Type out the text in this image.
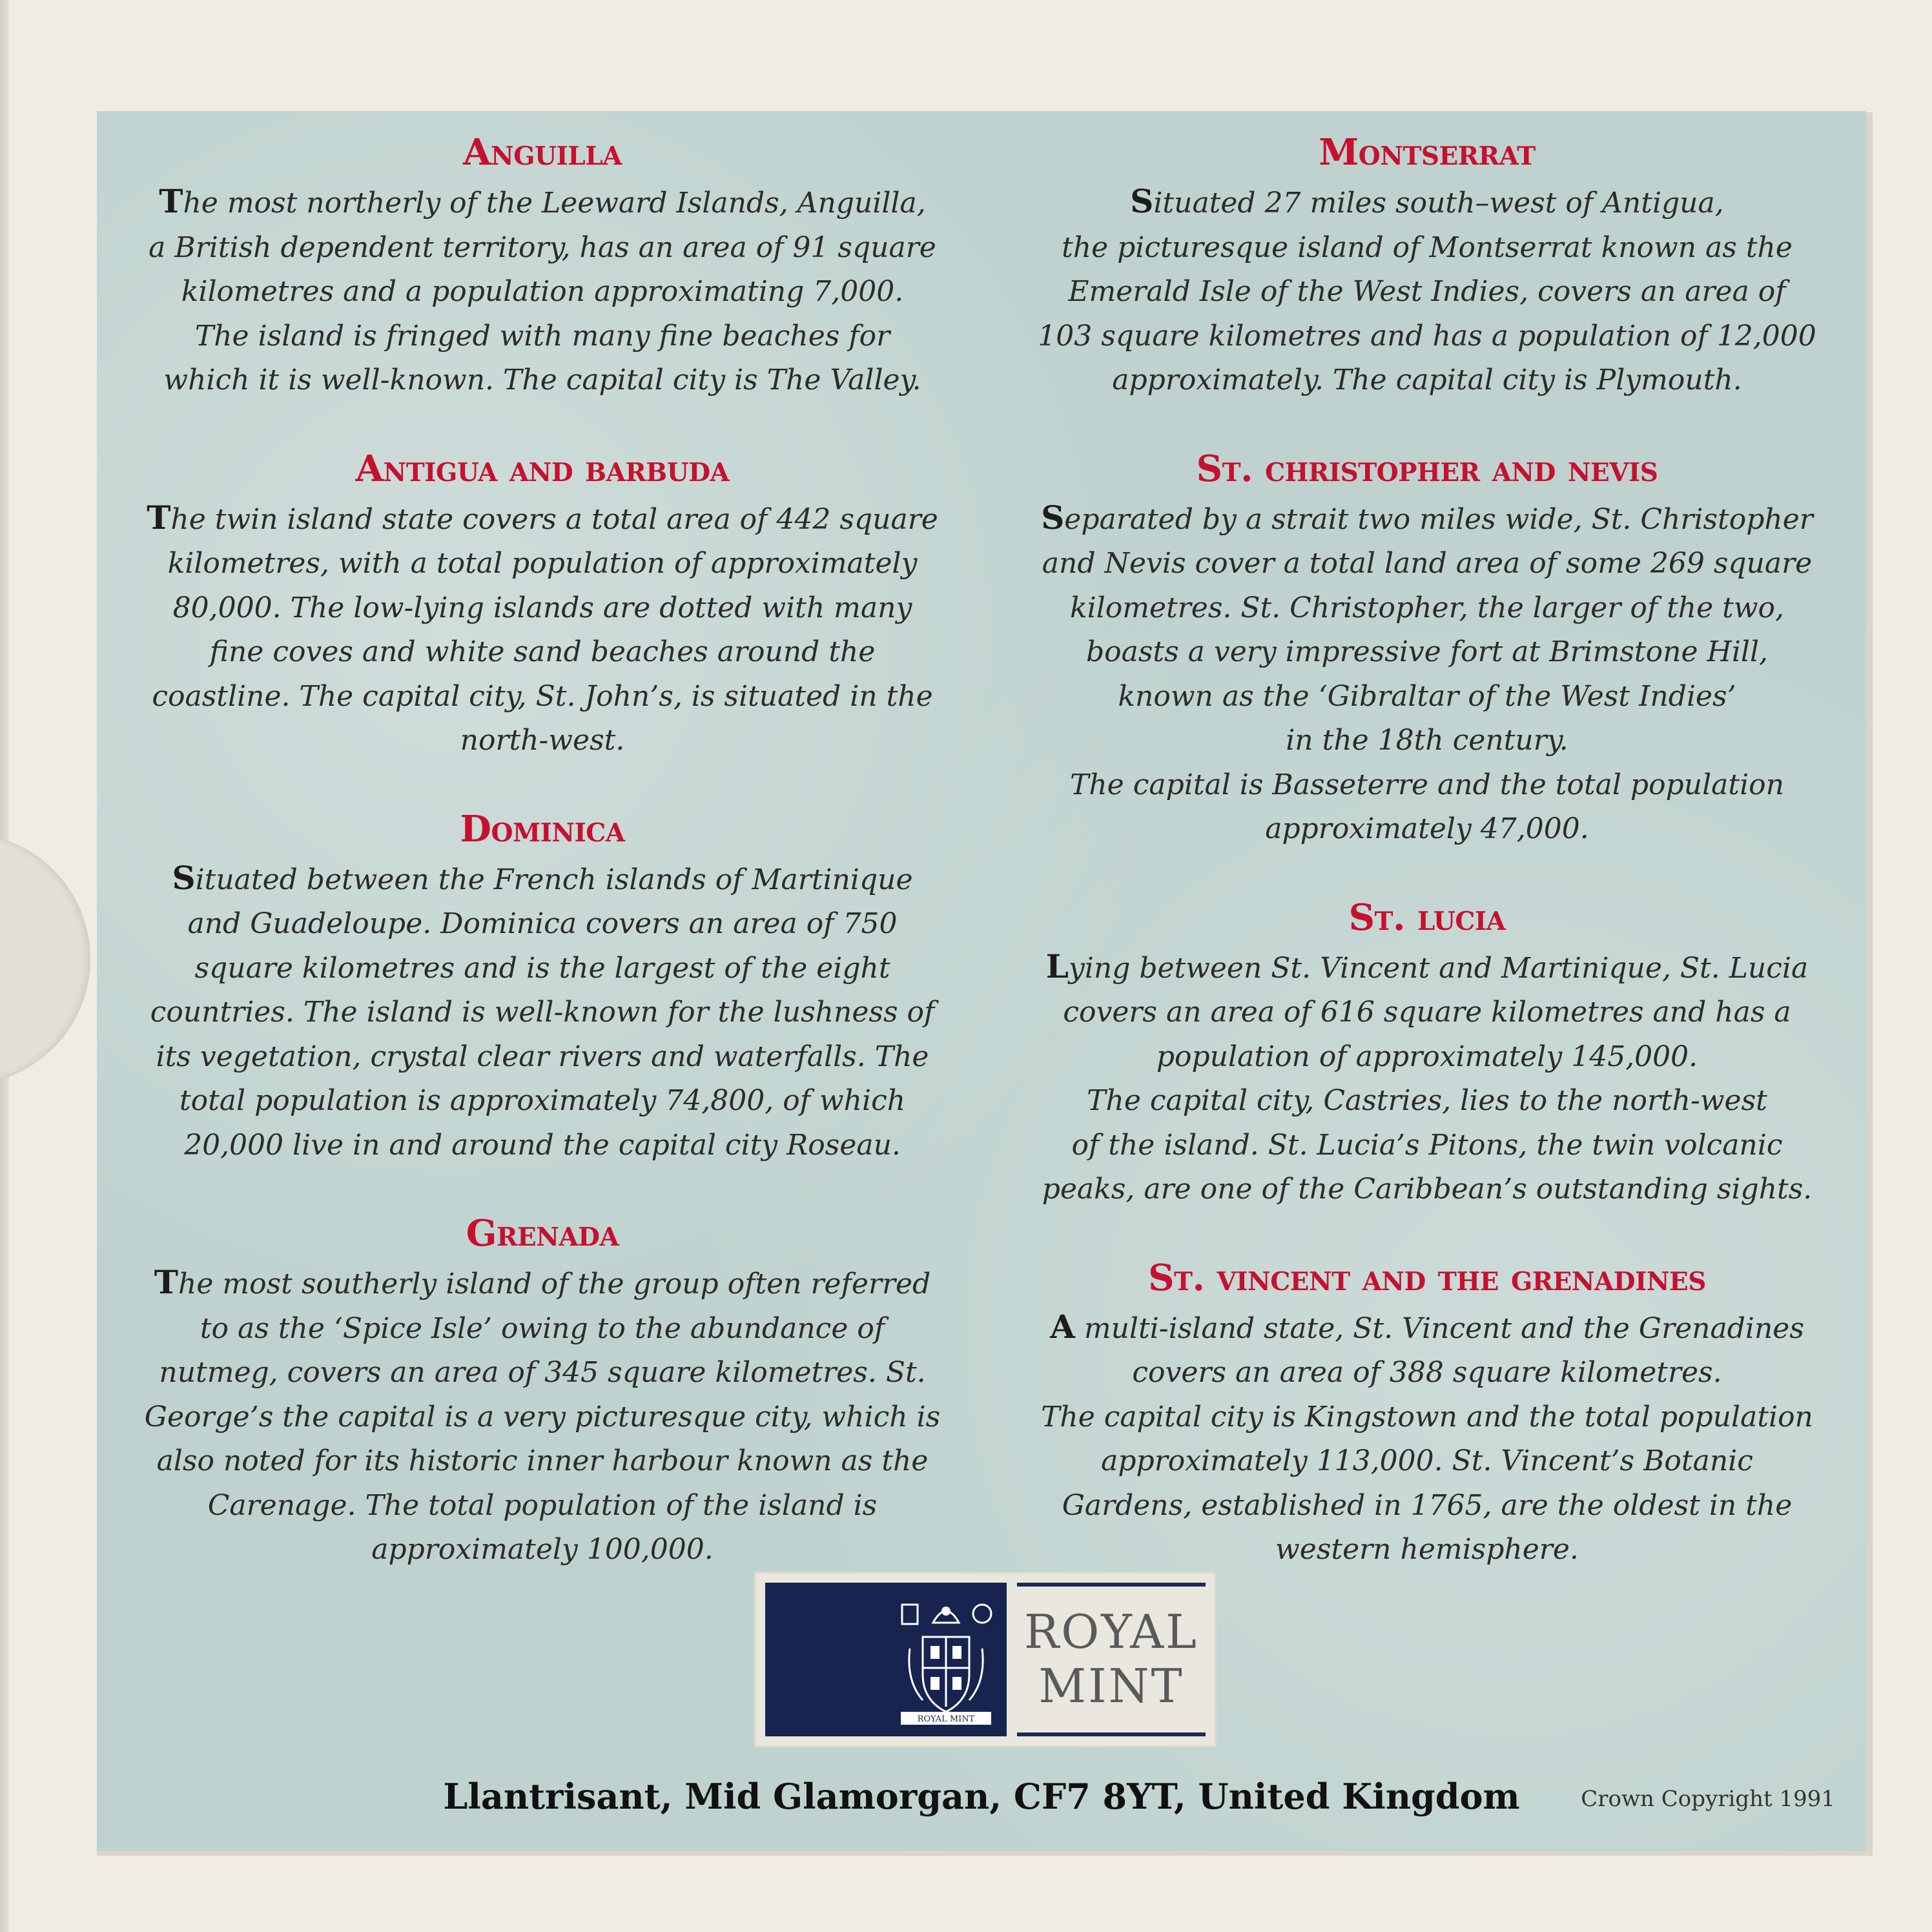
Anguilla

The most northerly of the Leeward Islands, Anguilla,
a British dependent territory, has an area of 91 square
kilometres and a population approximating 7,000.
The island is fringed with many fine beaches for
which it is well-known. The capital city is The Valley.

Antigua and barbuda

The twin island state covers a total area of 442 square
kilometres, with a total population of approximately
80,000. The low-lying islands are dotted with many
fine coves and white sand beaches around the
coastline. The capital city, St. John’s, is situated in the
north-west.

Dominica

Situated between the French islands of Martinique
and Guadeloupe. Dominica covers an area of 750
square kilometres and is the largest of the eight
countries. The island is well-known for the lushness of
its vegetation, crystal clear rivers and waterfalls. The
total population is approximately 74,800, of which
20,000 live in and around the capital city Roseau.

Grenada

The most southerly island of the group often referred
to as the ‘Spice Isle’ owing to the abundance of
nutmeg, covers an area of 345 square kilometres. St.
George’s the capital is a very picturesque city, which is
also noted for its historic inner harbour known as the
Carenage. The total population of the island is
approximately 100,000.

Montserrat

Situated 27 miles south–west of Antigua,
the picturesque island of Montserrat known as the
Emerald Isle of the West Indies, covers an area of
103 square kilometres and has a population of 12,000
approximately. The capital city is Plymouth.

St. christopher and nevis

Separated by a strait two miles wide, St. Christopher
and Nevis cover a total land area of some 269 square
kilometres. St. Christopher, the larger of the two,
boasts a very impressive fort at Brimstone Hill,
known as the ‘Gibraltar of the West Indies’
in the 18th century.
The capital is Basseterre and the total population
approximately 47,000.

St. lucia

Lying between St. Vincent and Martinique, St. Lucia
covers an area of 616 square kilometres and has a
population of approximately 145,000.
The capital city, Castries, lies to the north-west
of the island. St. Lucia’s Pitons, the twin volcanic
peaks, are one of the Caribbean’s outstanding sights.

St. vincent and the grenadines

A multi-island state, St. Vincent and the Grenadines
covers an area of 388 square kilometres.
The capital city is Kingstown and the total population
approximately 113,000. St. Vincent’s Botanic
Gardens, established in 1765, are the oldest in the
western hemisphere.

ROYAL MINT

ROYAL

MINT

Llantrisant, Mid Glamorgan, CF7 8YT, United Kingdom	Crown Copyright 1991
